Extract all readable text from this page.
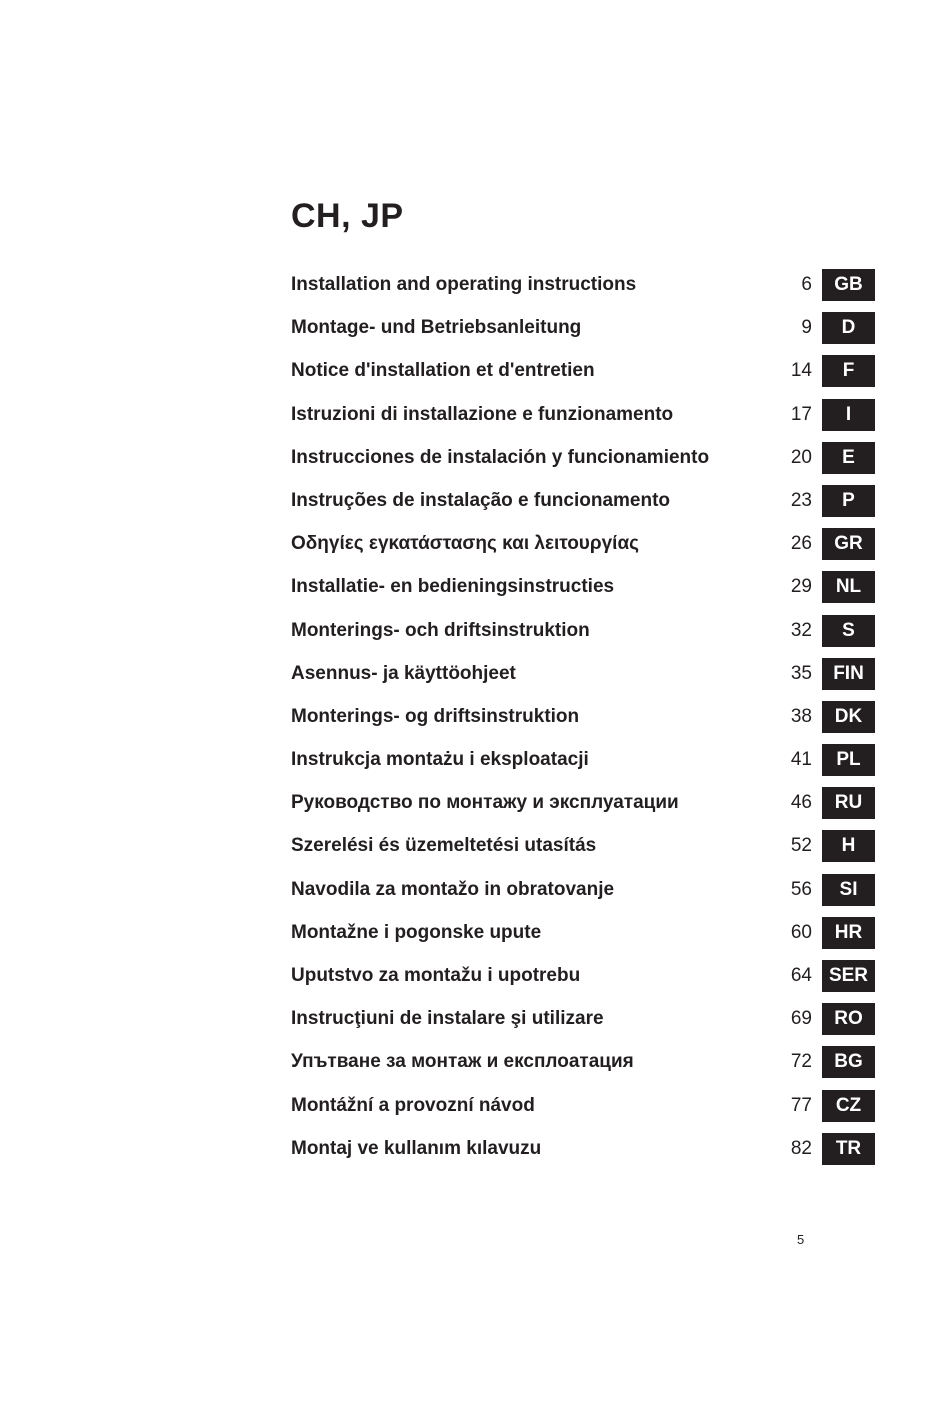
CH, JP
Installation and operating instructions	6	GB
Montage- und Betriebsanleitung	9	D
Notice d'installation et d'entretien	14	F
Istruzioni di installazione e funzionamento	17	I
Instrucciones de instalación y funcionamiento	20	E
Instruções de instalação e funcionamento	23	P
Οδηγίες εγκατάστασης και λειτουργίας	26	GR
Installatie- en bedieningsinstructies	29	NL
Monterings- och driftsinstruktion	32	S
Asennus- ja käyttöohjeet	35	FIN
Monterings- og driftsinstruktion	38	DK
Instrukcja montażu i eksploatacji	41	PL
Руководство по монтажу и эксплуатации	46	RU
Szerelési és üzemeltetési utasítás	52	H
Navodila za montažo in obratovanje	56	SI
Montažne i pogonske upute	60	HR
Uputstvo za montažu i upotrebu	64 SER
Instrucţiuni de instalare şi utilizare	69	RO
Упътване за монтаж и експлоатация	72	BG
Montážní a provozní návod	77	CZ
Montaj ve kullanım kılavuzu	82	TR
5
